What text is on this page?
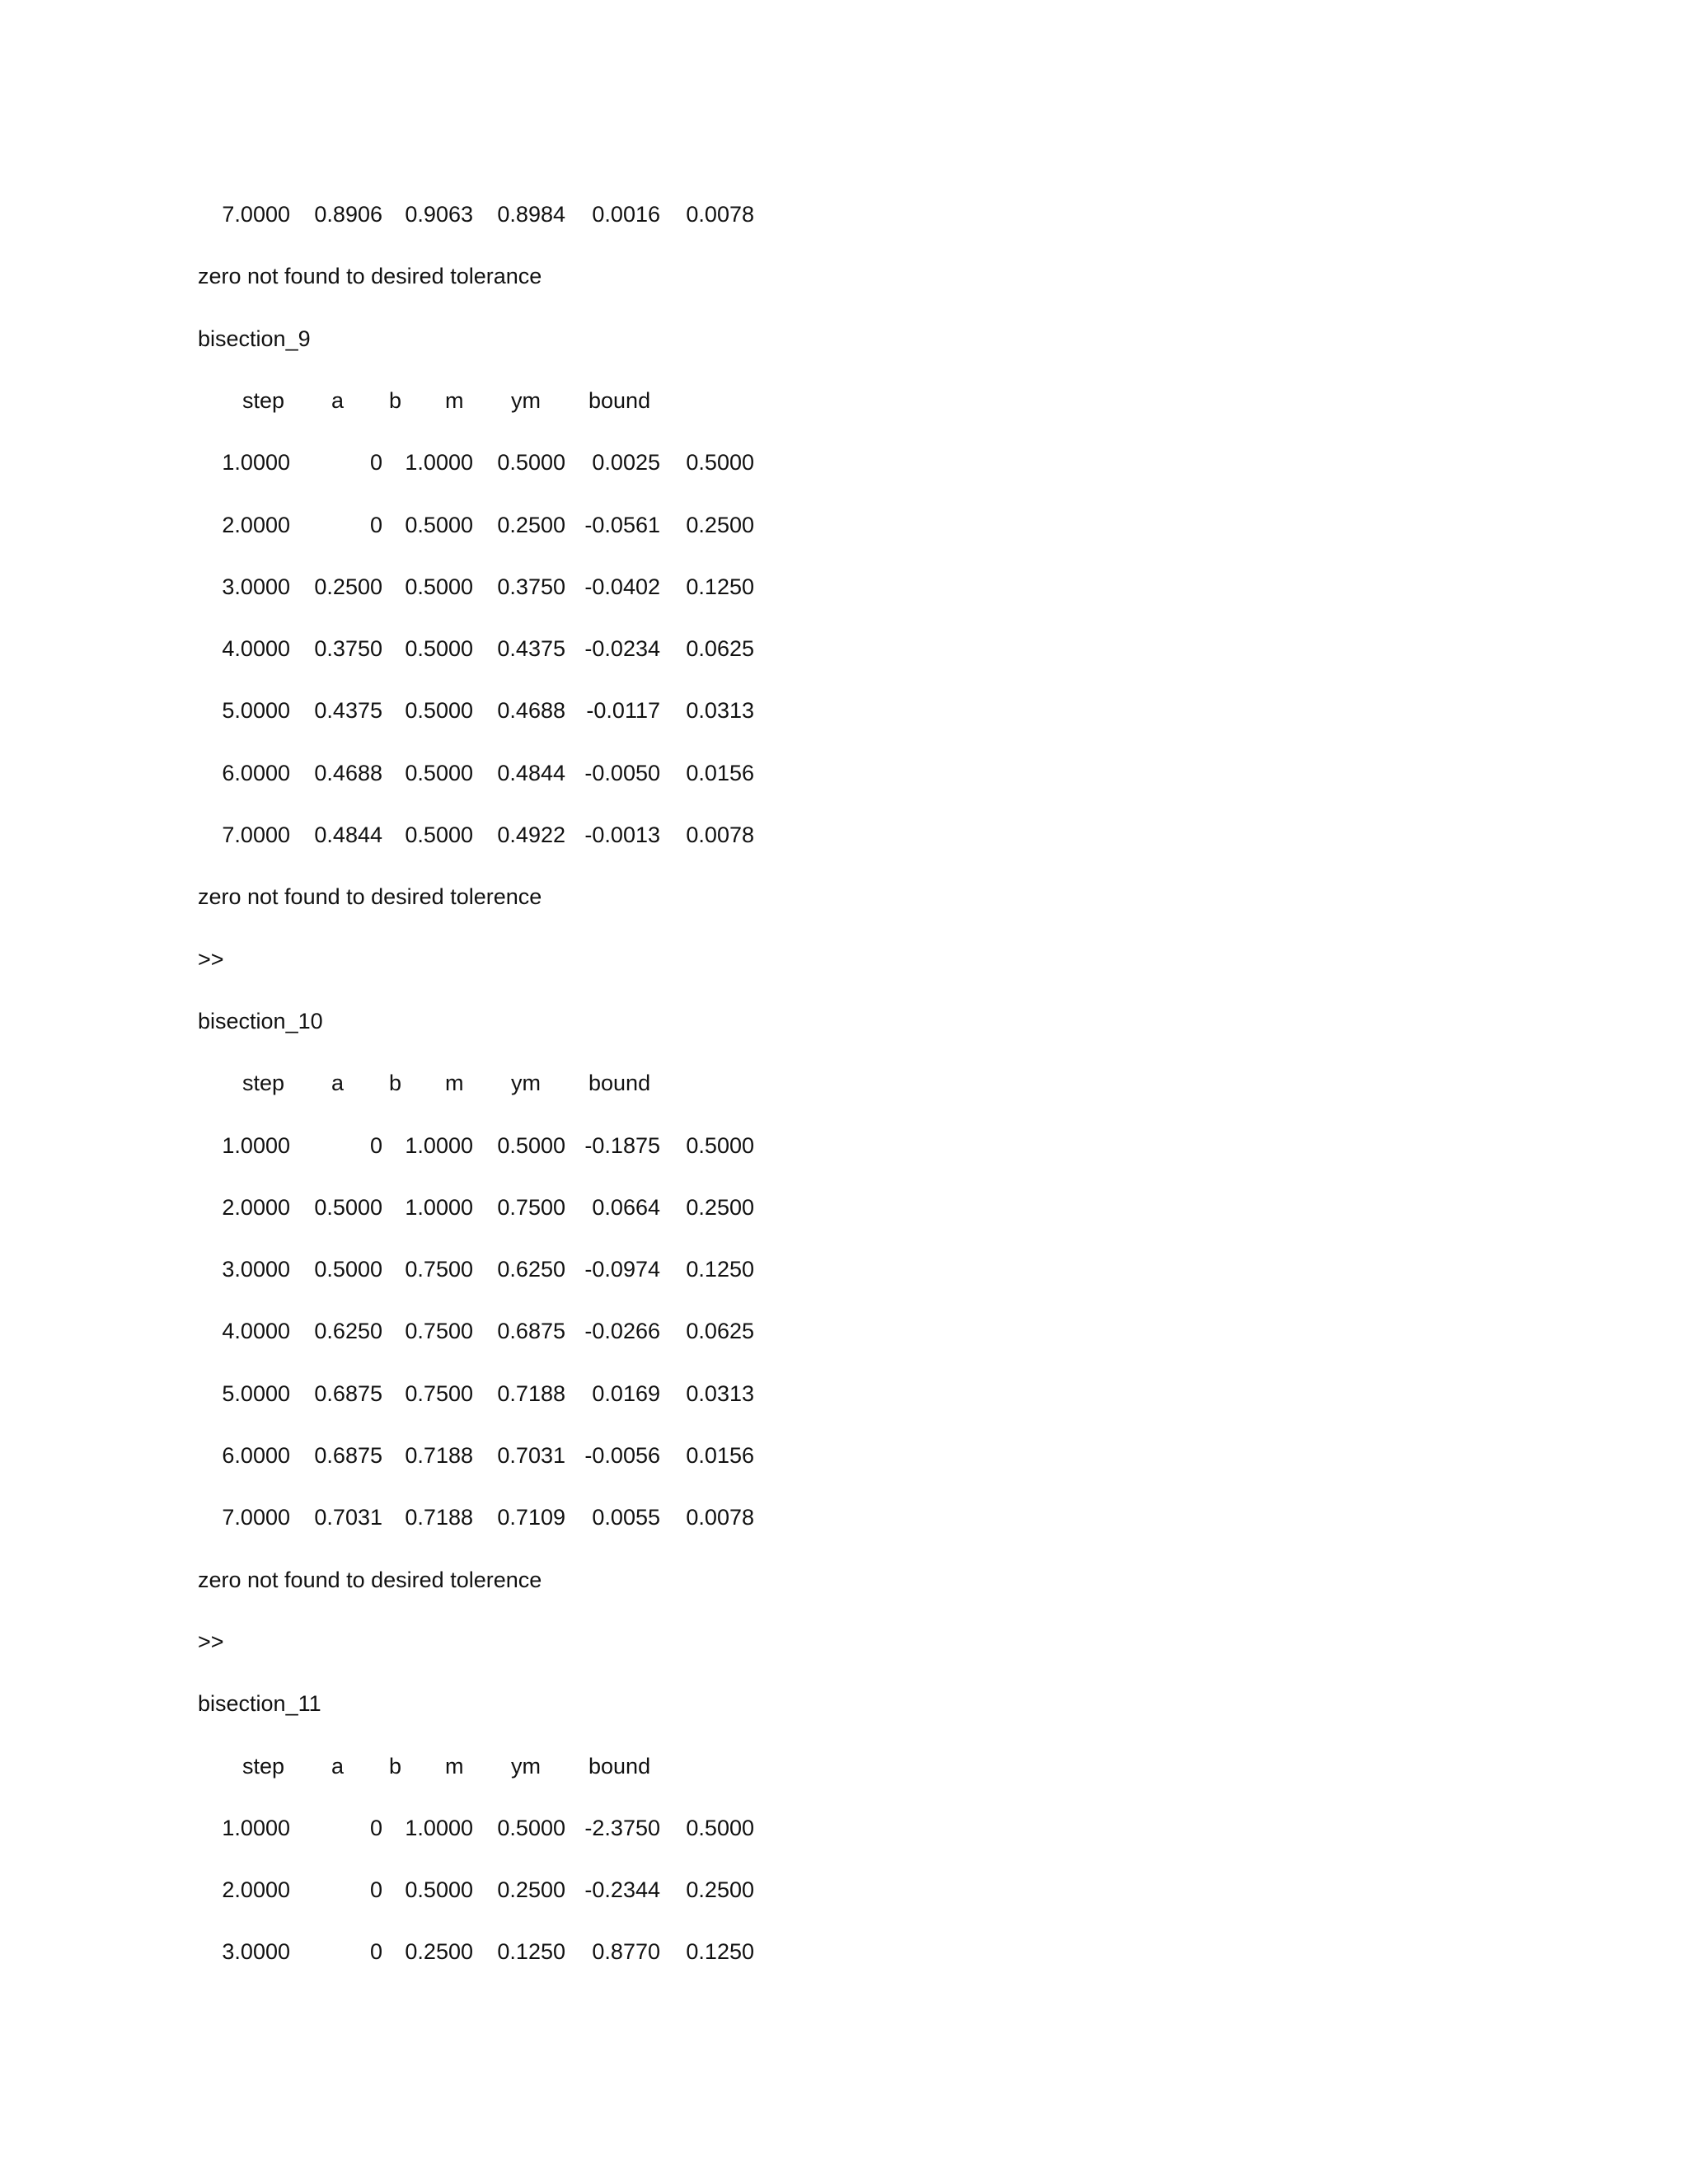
7.0000 0.8906 0.9063 0.8984 0.0016 0.0078
zero not found to desired tolerance
bisection_9
step a b m ym bound
1.0000	0 1.0000 0.5000 0.0025 0.5000
2.0000	0 0.5000 0.2500 -0.0561 0.2500
3.0000 0.2500 0.5000 0.3750 -0.0402 0.1250
4.0000 0.3750 0.5000 0.4375 -0.0234 0.0625
5.0000 0.4375 0.5000 0.4688 -0.0117 0.0313
6.0000 0.4688 0.5000 0.4844 -0.0050 0.0156
7.0000 0.4844 0.5000 0.4922 -0.0013 0.0078
zero not found to desired tolerence
>>
bisection_10
step a b m ym bound
1.0000	0 1.0000 0.5000 -0.1875 0.5000
2.0000 0.5000 1.0000 0.7500 0.0664 0.2500
3.0000 0.5000 0.7500 0.6250 -0.0974 0.1250
4.0000 0.6250 0.7500 0.6875 -0.0266 0.0625
5.0000 0.6875 0.7500 0.7188 0.0169 0.0313
6.0000 0.6875 0.7188 0.7031 -0.0056 0.0156
7.0000 0.7031 0.7188 0.7109 0.0055 0.0078
zero not found to desired tolerence
>>
bisection_11
step a b m ym bound
1.0000	0 1.0000 0.5000 -2.3750 0.5000
2.0000	0 0.5000 0.2500 -0.2344 0.2500
3.0000	0 0.2500 0.1250 0.8770 0.1250
